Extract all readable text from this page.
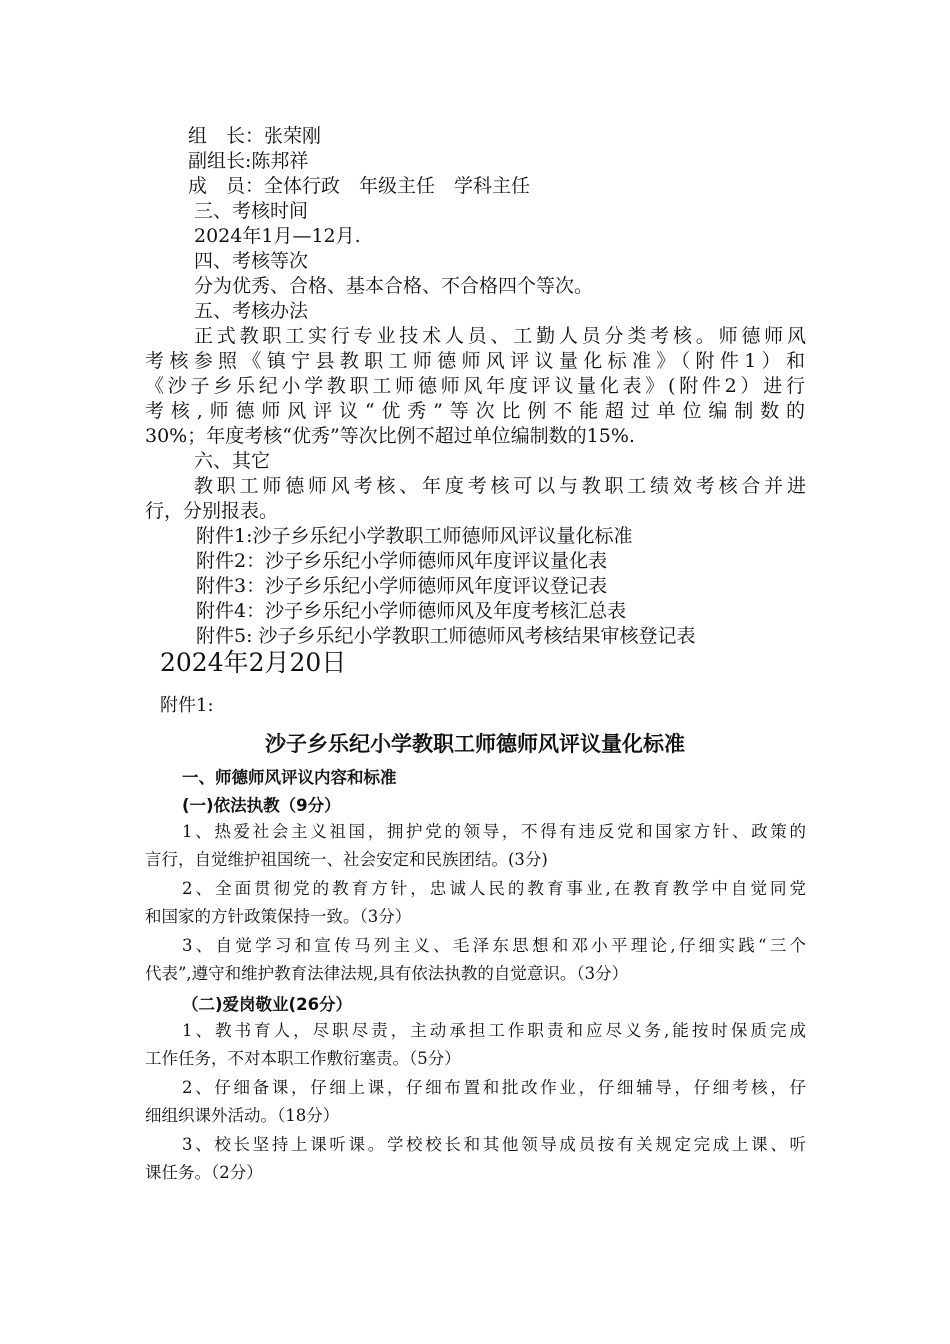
组　长：张荣刚
副组长:陈邦祥
成　员：全体行政　年级主任　学科主任
三、考核时间
2024年1月—12月.
四、考核等次
分为优秀、合格、基本合格、不合格四个等次。
五、考核办法
正式教职工实行专业技术人员、工勤人员分类考核。师德师风
考核参照《镇宁县教职工师德师风评议量化标准》（附件1）和
《沙子乡乐纪小学教职工师德师风年度评议量化表》(附件2）进行
考核,师德师风评议“优秀”等次比例不能超过单位编制数的
30%；年度考核“优秀”等次比例不超过单位编制数的15%.
六、其它
教职工师德师风考核、年度考核可以与教职工绩效考核合并进
行，分别报表。
附件1:沙子乡乐纪小学教职工师德师风评议量化标准
附件2：沙子乡乐纪小学师德师风年度评议量化表
附件3：沙子乡乐纪小学师德师风年度评议登记表
附件4：沙子乡乐纪小学师德师风及年度考核汇总表
附件5: 沙子乡乐纪小学教职工师德师风考核结果审核登记表
2024年2月20日
附件1:
沙子乡乐纪小学教职工师德师风评议量化标准
一、师德师风评议内容和标准
(一)依法执教（9分）
1、热爱社会主义祖国，拥护党的领导，不得有违反党和国家方针、政策的
言行，自觉维护祖国统一、社会安定和民族团结。(3分)
2、全面贯彻党的教育方针，忠诚人民的教育事业,在教育教学中自觉同党
和国家的方针政策保持一致。（3分）
3、自觉学习和宣传马列主义、毛泽东思想和邓小平理论,仔细实践“三个
代表”,遵守和维护教育法律法规,具有依法执教的自觉意识。（3分）
（二)爱岗敬业(26分）
1、教书育人，尽职尽责，主动承担工作职责和应尽义务,能按时保质完成
工作任务，不对本职工作敷衍塞责。（5分）
2、仔细备课，仔细上课，仔细布置和批改作业，仔细辅导，仔细考核，仔
细组织课外活动。（18分）
3、校长坚持上课听课。学校校长和其他领导成员按有关规定完成上课、听
课任务。（2分）
